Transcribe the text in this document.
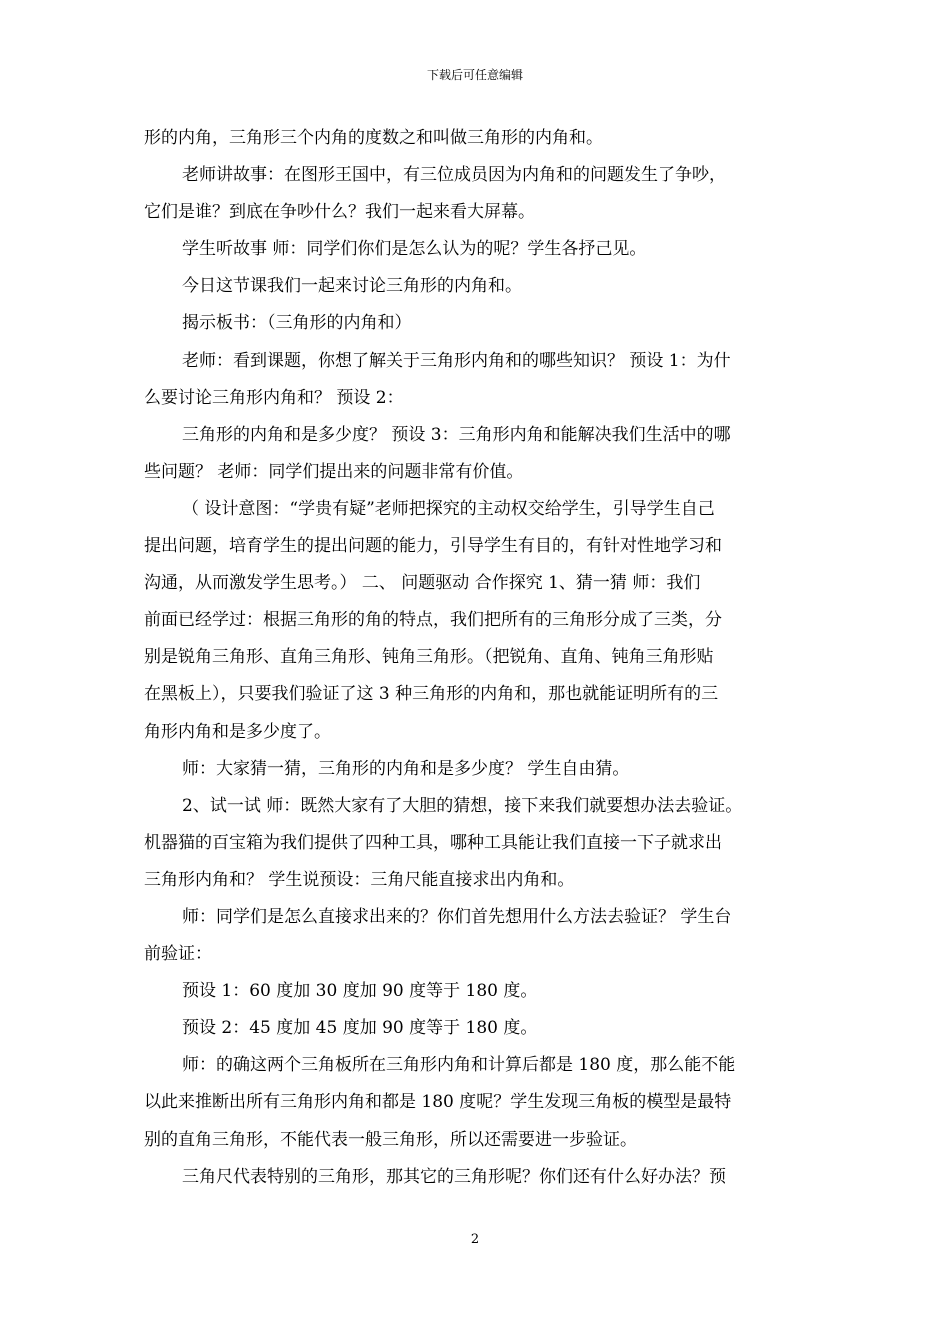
下载后可任意编辑
形的内角，三角形三个内角的度数之和叫做三角形的内角和。
老师讲故事：在图形王国中，有三位成员因为内角和的问题发生了争吵，
它们是谁？到底在争吵什么？我们一起来看大屏幕。
学生听故事 师：同学们你们是怎么认为的呢？学生各抒己见。
今日这节课我们一起来讨论三角形的内角和。
揭示板书：（三角形的内角和）
老师：看到课题，你想了解关于三角形内角和的哪些知识？ 预设 1：为什
么要讨论三角形内角和？ 预设 2：
三角形的内角和是多少度？ 预设 3：三角形内角和能解决我们生活中的哪
些问题？ 老师：同学们提出来的问题非常有价值。
（ 设计意图：“学贵有疑”老师把探究的主动权交给学生，引导学生自己
提出问题，培育学生的提出问题的能力，引导学生有目的，有针对性地学习和
沟通，从而激发学生思考。） 二、 问题驱动 合作探究 1、猜一猜 师：我们
前面已经学过：根据三角形的角的特点，我们把所有的三角形分成了三类，分
别是锐角三角形、直角三角形、钝角三角形。（把锐角、直角、钝角三角形贴
在黑板上），只要我们验证了这 3 种三角形的内角和，那也就能证明所有的三
角形内角和是多少度了。
师：大家猜一猜，三角形的内角和是多少度？ 学生自由猜。
2、试一试 师：既然大家有了大胆的猜想，接下来我们就要想办法去验证。
机器猫的百宝箱为我们提供了四种工具，哪种工具能让我们直接一下子就求出
三角形内角和？ 学生说预设：三角尺能直接求出内角和。
师：同学们是怎么直接求出来的？你们首先想用什么方法去验证？ 学生台
前验证：
预设 1：60 度加 30 度加 90 度等于 180 度。
预设 2：45 度加 45 度加 90 度等于 180 度。
师：的确这两个三角板所在三角形内角和计算后都是 180 度，那么能不能
以此来推断出所有三角形内角和都是 180 度呢？学生发现三角板的模型是最特
别的直角三角形，不能代表一般三角形，所以还需要进一步验证。
三角尺代表特别的三角形，那其它的三角形呢？你们还有什么好办法？预
2
